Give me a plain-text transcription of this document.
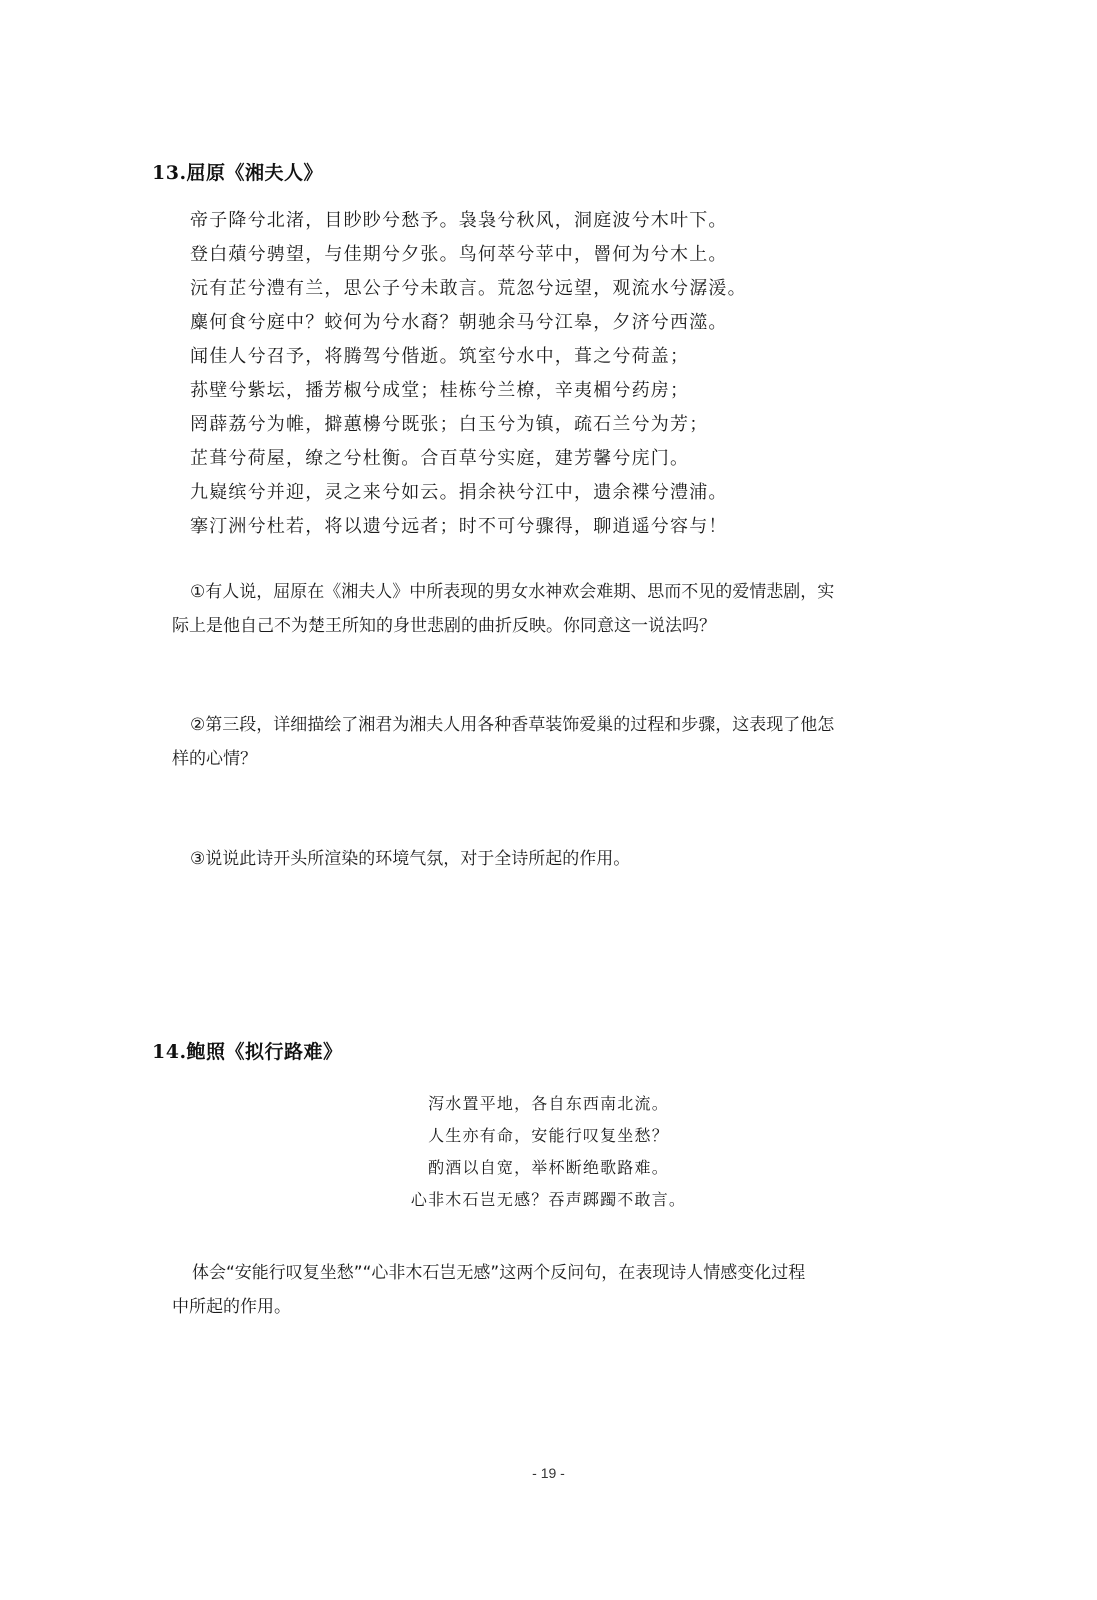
13.屈原《湘夫人》
帝子降兮北渚，目眇眇兮愁予。袅袅兮秋风，洞庭波兮木叶下。
登白薠兮骋望，与佳期兮夕张。鸟何萃兮苹中，罾何为兮木上。
沅有芷兮澧有兰，思公子兮未敢言。荒忽兮远望，观流水兮潺湲。
麋何食兮庭中？蛟何为兮水裔？朝驰余马兮江皋，夕济兮西澨。
闻佳人兮召予，将腾驾兮偕逝。筑室兮水中，葺之兮荷盖；
荪壁兮紫坛，播芳椒兮成堂；桂栋兮兰橑，辛夷楣兮药房；
罔薜荔兮为帷，擗蕙櫋兮既张；白玉兮为镇，疏石兰兮为芳；
芷葺兮荷屋，缭之兮杜衡。合百草兮实庭，建芳馨兮庑门。
九嶷缤兮并迎，灵之来兮如云。捐余袂兮江中，遗余褋兮澧浦。
搴汀洲兮杜若，将以遗兮远者；时不可兮骤得，聊逍遥兮容与！
①有人说，屈原在《湘夫人》中所表现的男女水神欢会难期、思而不见的爱情悲剧，实
际上是他自己不为楚王所知的身世悲剧的曲折反映。你同意这一说法吗？
②第三段，详细描绘了湘君为湘夫人用各种香草装饰爱巢的过程和步骤，这表现了他怎
样的心情？
③说说此诗开头所渲染的环境气氛，对于全诗所起的作用。
14.鲍照《拟行路难》
泻水置平地，各自东西南北流。
人生亦有命，安能行叹复坐愁？
酌酒以自宽，举杯断绝歌路难。
心非木石岂无感？吞声踯躅不敢言。
体会“安能行叹复坐愁”“心非木石岂无感”这两个反问句，在表现诗人情感变化过程
中所起的作用。
- 19 -
